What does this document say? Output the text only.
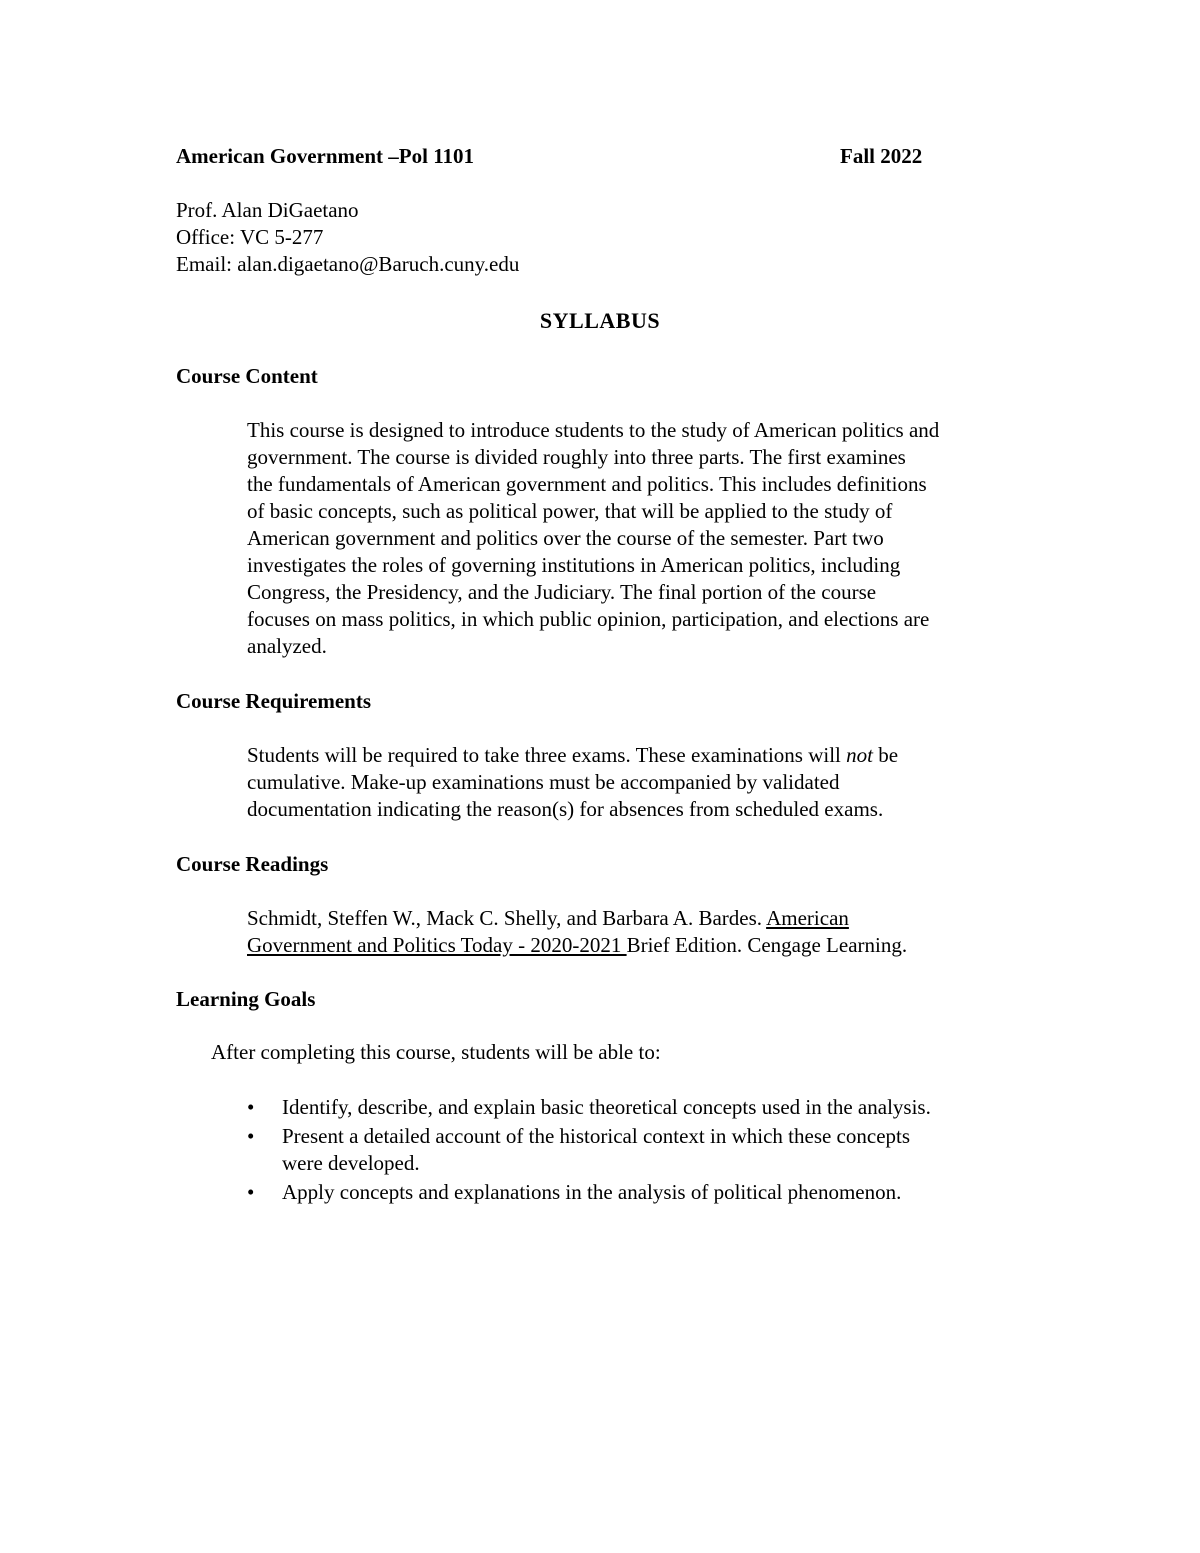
American Government –Pol 1101	Fall 2022
Prof. Alan DiGaetano
Office: VC 5-277
Email: alan.digaetano@Baruch.cuny.edu
SYLLABUS
Course Content
This course is designed to introduce students to the study of American politics and
government. The course is divided roughly into three parts. The first examines
the fundamentals of American government and politics. This includes definitions
of basic concepts, such as political power, that will be applied to the study of
American government and politics over the course of the semester. Part two
investigates the roles of governing institutions in American politics, including
Congress, the Presidency, and the Judiciary. The final portion of the course
focuses on mass politics, in which public opinion, participation, and elections are
analyzed.
Course Requirements
Students will be required to take three exams. These examinations will not be
cumulative. Make-up examinations must be accompanied by validated
documentation indicating the reason(s) for absences from scheduled exams.
Course Readings
Schmidt, Steffen W., Mack C. Shelly, and Barbara A. Bardes. American
Government and Politics Today - 2020-2021 Brief Edition. Cengage Learning.
Learning Goals
After completing this course, students will be able to:
• Identify, describe, and explain basic theoretical concepts used in the analysis.
• Present a detailed account of the historical context in which these concepts
were developed.
• Apply concepts and explanations in the analysis of political phenomenon.
